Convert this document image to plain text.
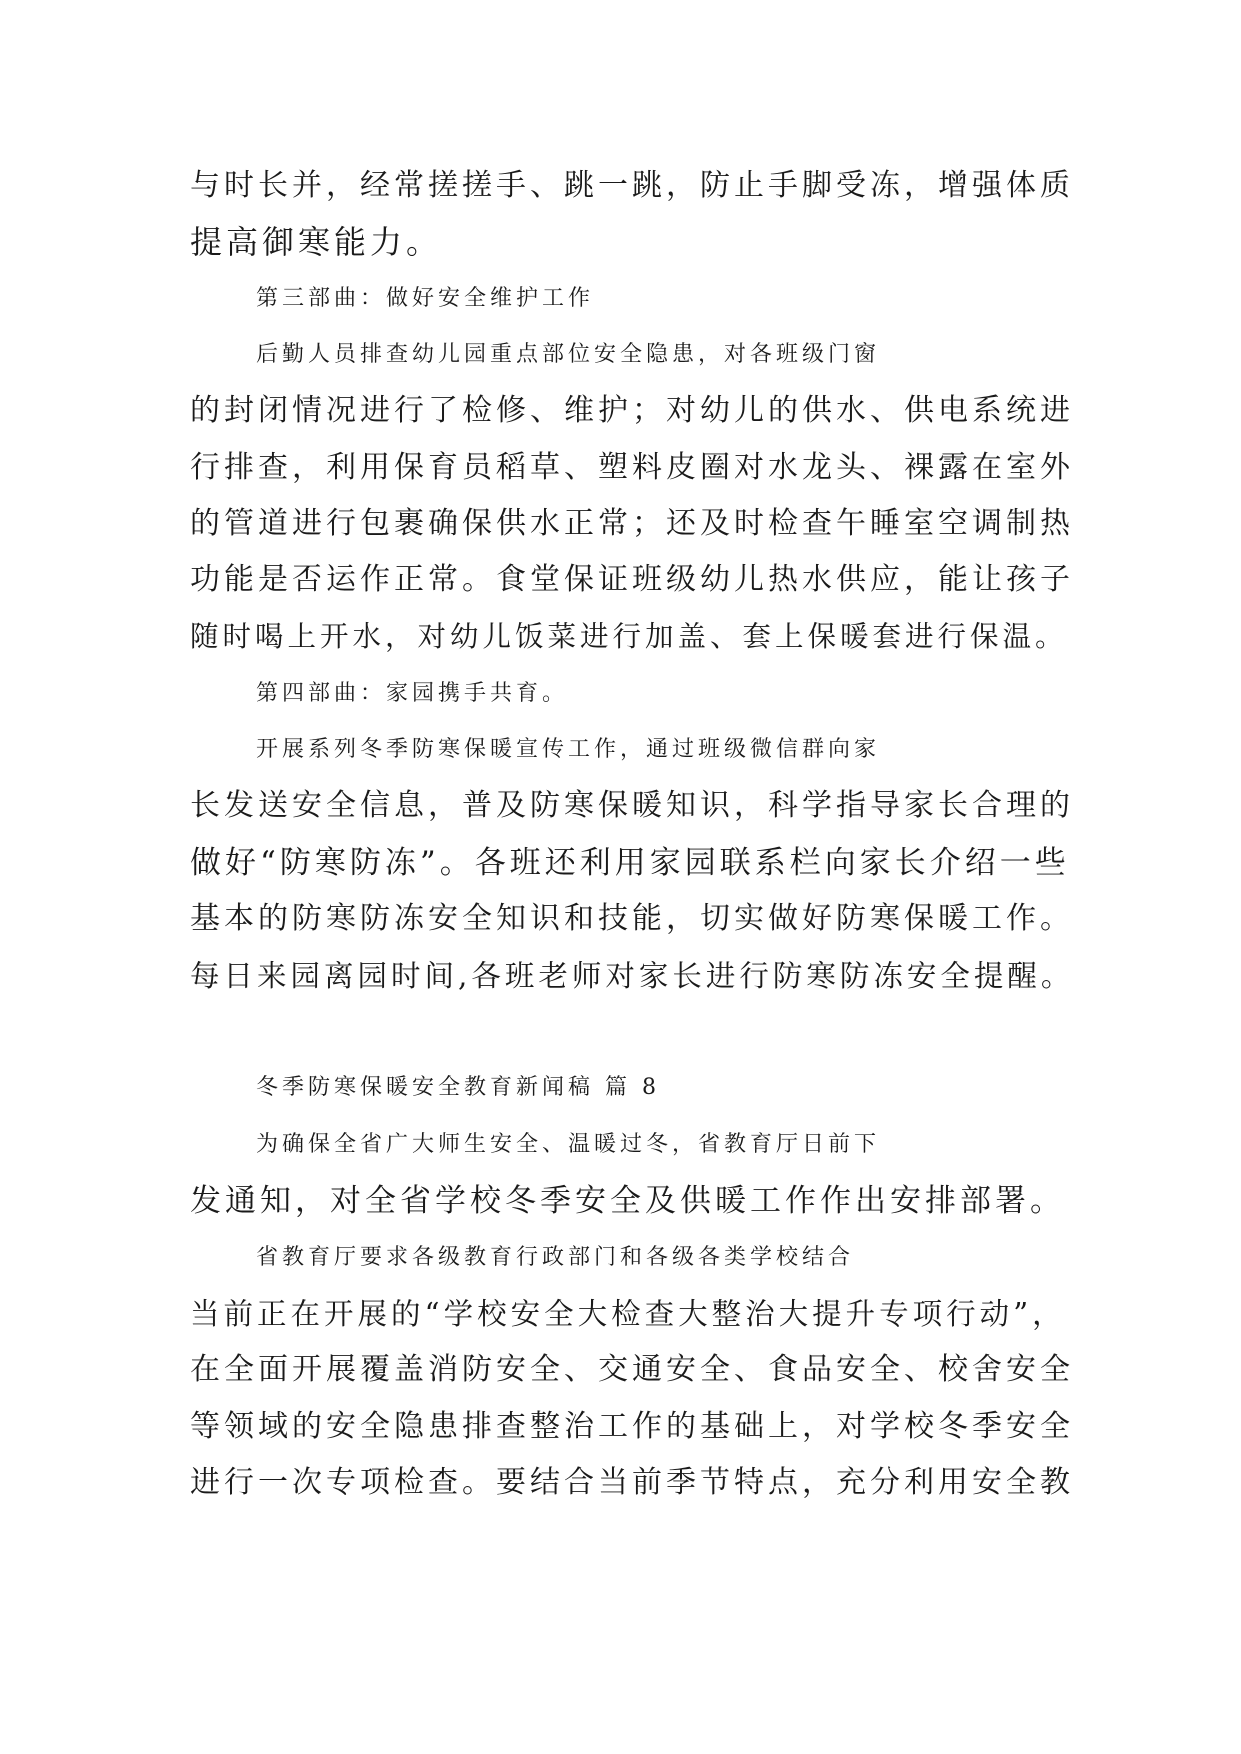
与时长并，经常搓搓手、跳一跳，防止手脚受冻，增强体质
提高御寒能力。
第三部曲：做好安全维护工作
后勤人员排查幼儿园重点部位安全隐患，对各班级门窗
的封闭情况进行了检修、维护；对幼儿的供水、供电系统进
行排查，利用保育员稻草、塑料皮圈对水龙头、裸露在室外
的管道进行包裹确保供水正常；还及时检查午睡室空调制热
功能是否运作正常。食堂保证班级幼儿热水供应，能让孩子
随时喝上开水，对幼儿饭菜进行加盖、套上保暖套进行保温。
第四部曲：家园携手共育。
开展系列冬季防寒保暖宣传工作，通过班级微信群向家
长发送安全信息，普及防寒保暖知识，科学指导家长合理的
做好“防寒防冻”。各班还利用家园联系栏向家长介绍一些
基本的防寒防冻安全知识和技能，切实做好防寒保暖工作。
每日来园离园时间,各班老师对家长进行防寒防冻安全提醒。
冬季防寒保暖安全教育新闻稿 篇 8
为确保全省广大师生安全、温暖过冬，省教育厅日前下
发通知，对全省学校冬季安全及供暖工作作出安排部署。
省教育厅要求各级教育行政部门和各级各类学校结合
当前正在开展的“学校安全大检查大整治大提升专项行动”，
在全面开展覆盖消防安全、交通安全、食品安全、校舍安全
等领域的安全隐患排查整治工作的基础上，对学校冬季安全
进行一次专项检查。要结合当前季节特点，充分利用安全教
